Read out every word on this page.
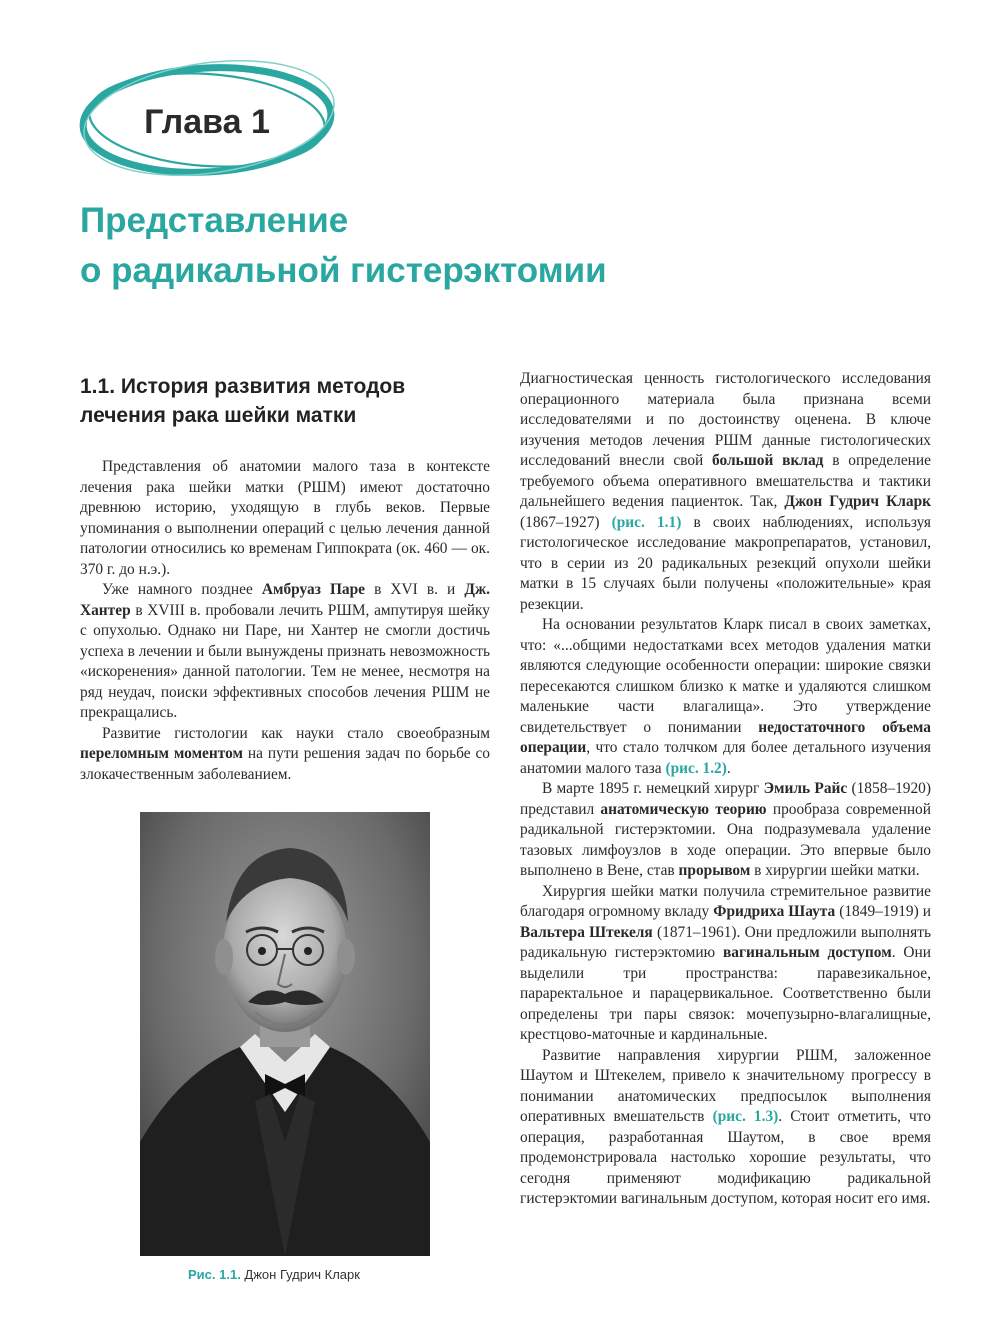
Глава 1
Представление
о радикальной гистерэктомии
1.1. История развития методов
лечения рака шейки матки

Представления об анатомии малого таза в контексте лечения рака шейки матки (РШМ) имеют достаточно древнюю историю, уходящую в глубь веков. Первые упоминания о выполнении операций с целью лечения данной патологии относились ко временам Гиппократа (ок. 460 — ок. 370 г. до н.э.).

Уже намного позднее Амбруаз Паре в XVI в. и Дж. Хантер в XVIII в. пробовали лечить РШМ, ампутируя шейку с опухолью. Однако ни Паре, ни Хантер не смогли достичь успеха в лечении и были вынуждены признать невозможность «искоренения» данной патологии. Тем не менее, несмотря на ряд неудач, поиски эффективных способов лечения РШМ не прекращались.

Развитие гистологии как науки стало своеобразным переломным моментом на пути решения задач по борьбе со злокачественным заболеванием.

Рис. 1.1. Джон Гудрич Кларк

Диагностическая ценность гистологического исследования операционного материала была признана всеми исследователями и по достоинству оценена. В ключе изучения методов лечения РШМ данные гистологических исследований внесли свой большой вклад в определение требуемого объема оперативного вмешательства и тактики дальнейшего ведения пациенток. Так, Джон Гудрич Кларк (1867–1927) (рис. 1.1) в своих наблюдениях, используя гистологическое исследование макропрепаратов, установил, что в серии из 20 радикальных резекций опухоли шейки матки в 15 случаях были получены «положительные» края резекции.

На основании результатов Кларк писал в своих заметках, что: «...общими недостатками всех методов удаления матки являются следующие особенности операции: широкие связки пересекаются слишком близко к матке и удаляются слишком маленькие части влагалища». Это утверждение свидетельствует о понимании недостаточного объема операции, что стало толчком для более детального изучения анатомии малого таза (рис. 1.2).

В марте 1895 г. немецкий хирург Эмиль Райс (1858–1920) представил анатомическую теорию прообраза современной радикальной гистерэктомии. Она подразумевала удаление тазовых лимфоузлов в ходе операции. Это впервые было выполнено в Вене, став прорывом в хирургии шейки матки.

Хирургия шейки матки получила стремительное развитие благодаря огромному вкладу Фридриха Шаута (1849–1919) и Вальтера Штекеля (1871–1961). Они предложили выполнять радикальную гистерэктомию вагинальным доступом. Они выделили три пространства: паравезикальное, параректальное и парацервикальное. Соответственно были определены три пары связок: мочепузырно-влагалищные, крестцово-маточные и кардинальные.

Развитие направления хирургии РШМ, заложенное Шаутом и Штекелем, привело к значительному прогрессу в понимании анатомических предпосылок выполнения оперативных вмешательств (рис. 1.3). Стоит отметить, что операция, разработанная Шаутом, в свое время продемонстрировала настолько хорошие результаты, что сегодня применяют модификацию радикальной гистерэктомии вагинальным доступом, которая носит его имя.
